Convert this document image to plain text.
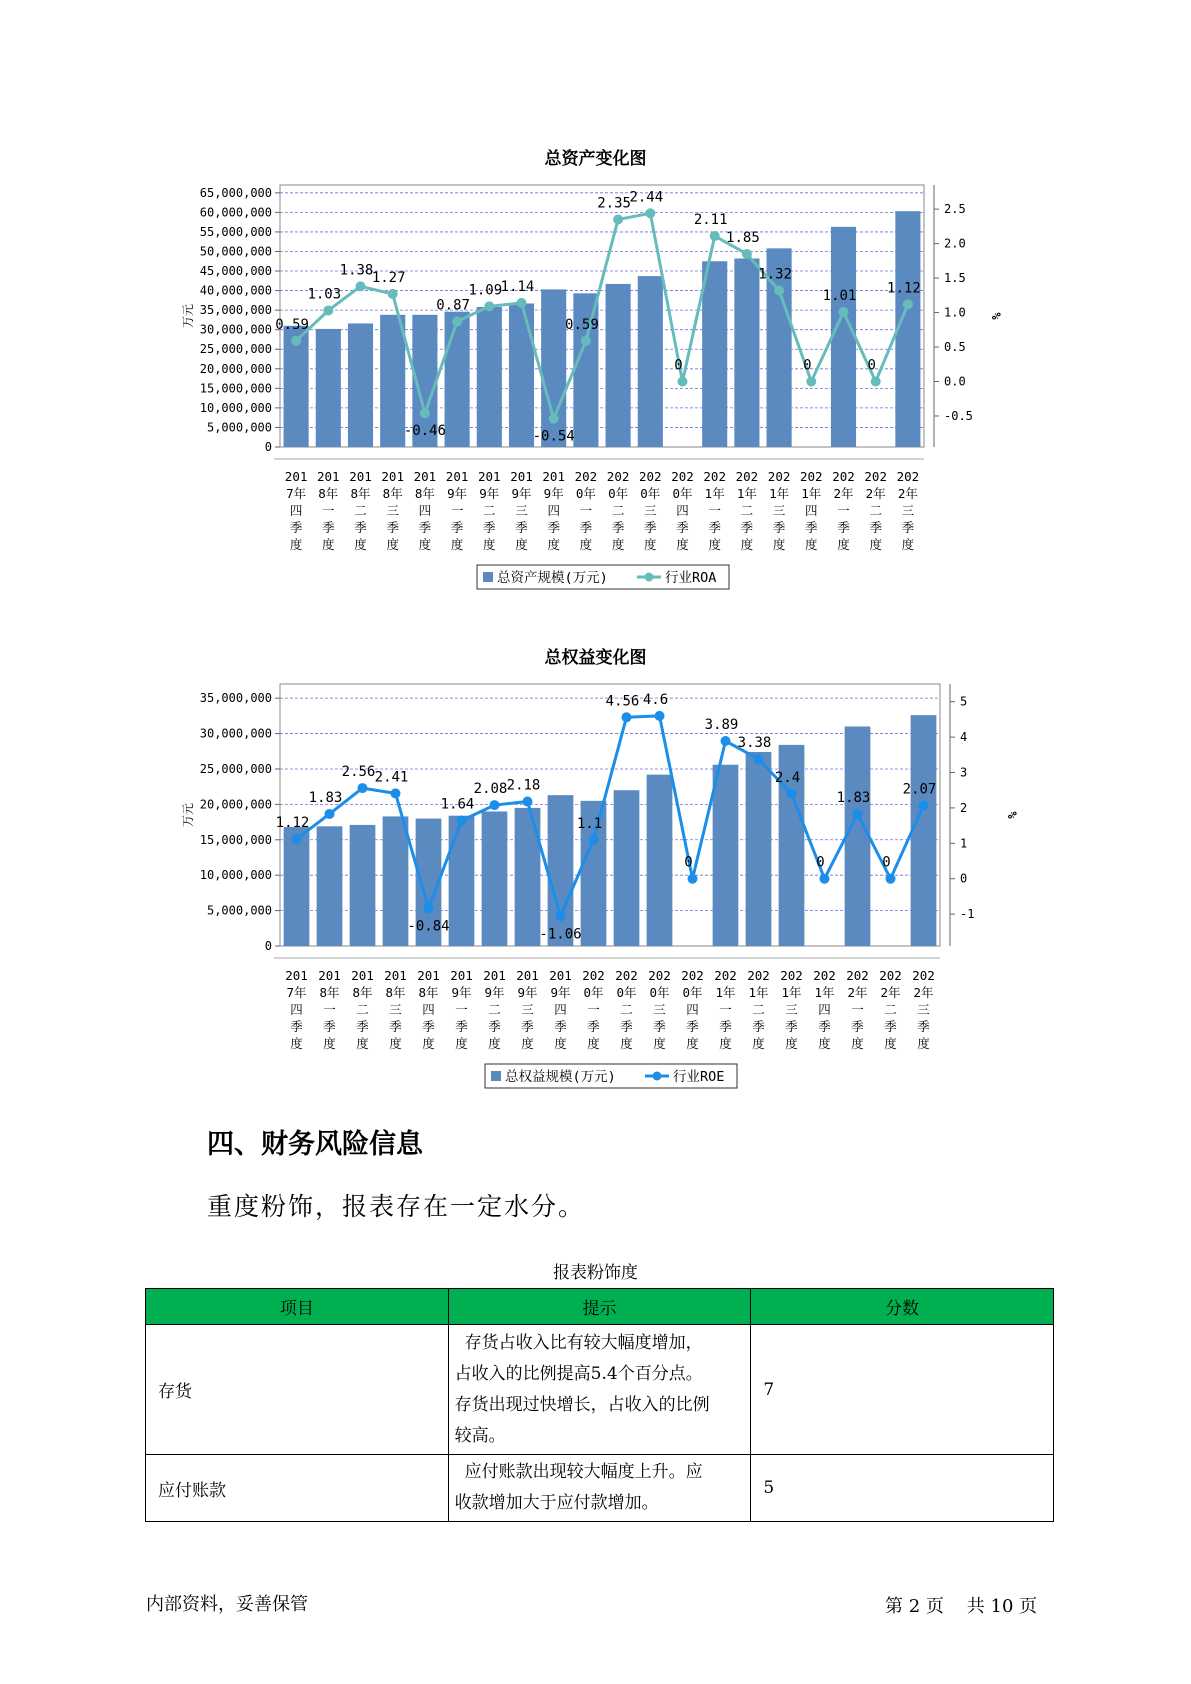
总资产变化图
0
5,000,000
10,000,000
15,000,000
20,000,000
25,000,000
30,000,000
35,000,000
40,000,000
45,000,000
50,000,000
55,000,000
60,000,000
65,000,000
万元
-0.5
0.0
0.5
1.0
1.5
2.0
2.5
%
0.59
1.03
1.38
1.27
-0.46
0.87
1.09
1.14
-0.54
0.59
2.35
2.44
0
2.11
1.85
1.32
0
1.01
0
1.12
201
7年
四
季
度
201
8年
一
季
度
201
8年
二
季
度
201
8年
三
季
度
201
8年
四
季
度
201
9年
一
季
度
201
9年
二
季
度
201
9年
三
季
度
201
9年
四
季
度
202
0年
一
季
度
202
0年
二
季
度
202
0年
三
季
度
202
0年
四
季
度
202
1年
一
季
度
202
1年
二
季
度
202
1年
三
季
度
202
1年
四
季
度
202
2年
一
季
度
202
2年
二
季
度
202
2年
三
季
度
总资产规模(万元)	行业ROA
总权益变化图
0
5,000,000
10,000,000
15,000,000
20,000,000
25,000,000
30,000,000
35,000,000
万元
-1
0
1
2
3
4
5
%
1.12
1.83
2.56 2.41
-0.84
1.64
2.08 2.18
-1.06
1.1
4.56 4.6
0
3.89
3.38
2.4
0
1.83
0
2.07
201
7年
四
季
度
201
8年
一
季
度
201
8年
二
季
度
201
8年
三
季
度
201
8年
四
季
度
201
9年
一
季
度
201
9年
二
季
度
201
9年
三
季
度
201
9年
四
季
度
202
0年
一
季
度
202
0年
二
季
度
202
0年
三
季
度
202
0年
四
季
度
202
1年
一
季
度
202
1年
二
季
度
202
1年
三
季
度
202
1年
四
季
度
202
2年
一
季
度
202
2年
二
季
度
202
2年
三
季
度
总权益规模(万元)	行业ROE
四、财务风险信息
重度粉饰，报表存在一定水分。
报表粉饰度
项目	提示	分数
存货	存货占收入比有较大幅度增加，
占收入的比例提高5.4个百分点。
存货出现过快增长，占收入的比例
较高。	7
应付账款	应付账款出现较大幅度上升。应
收款增加大于应付款增加。	5
内部资料，妥善保管	第 2 页    共 10 页
